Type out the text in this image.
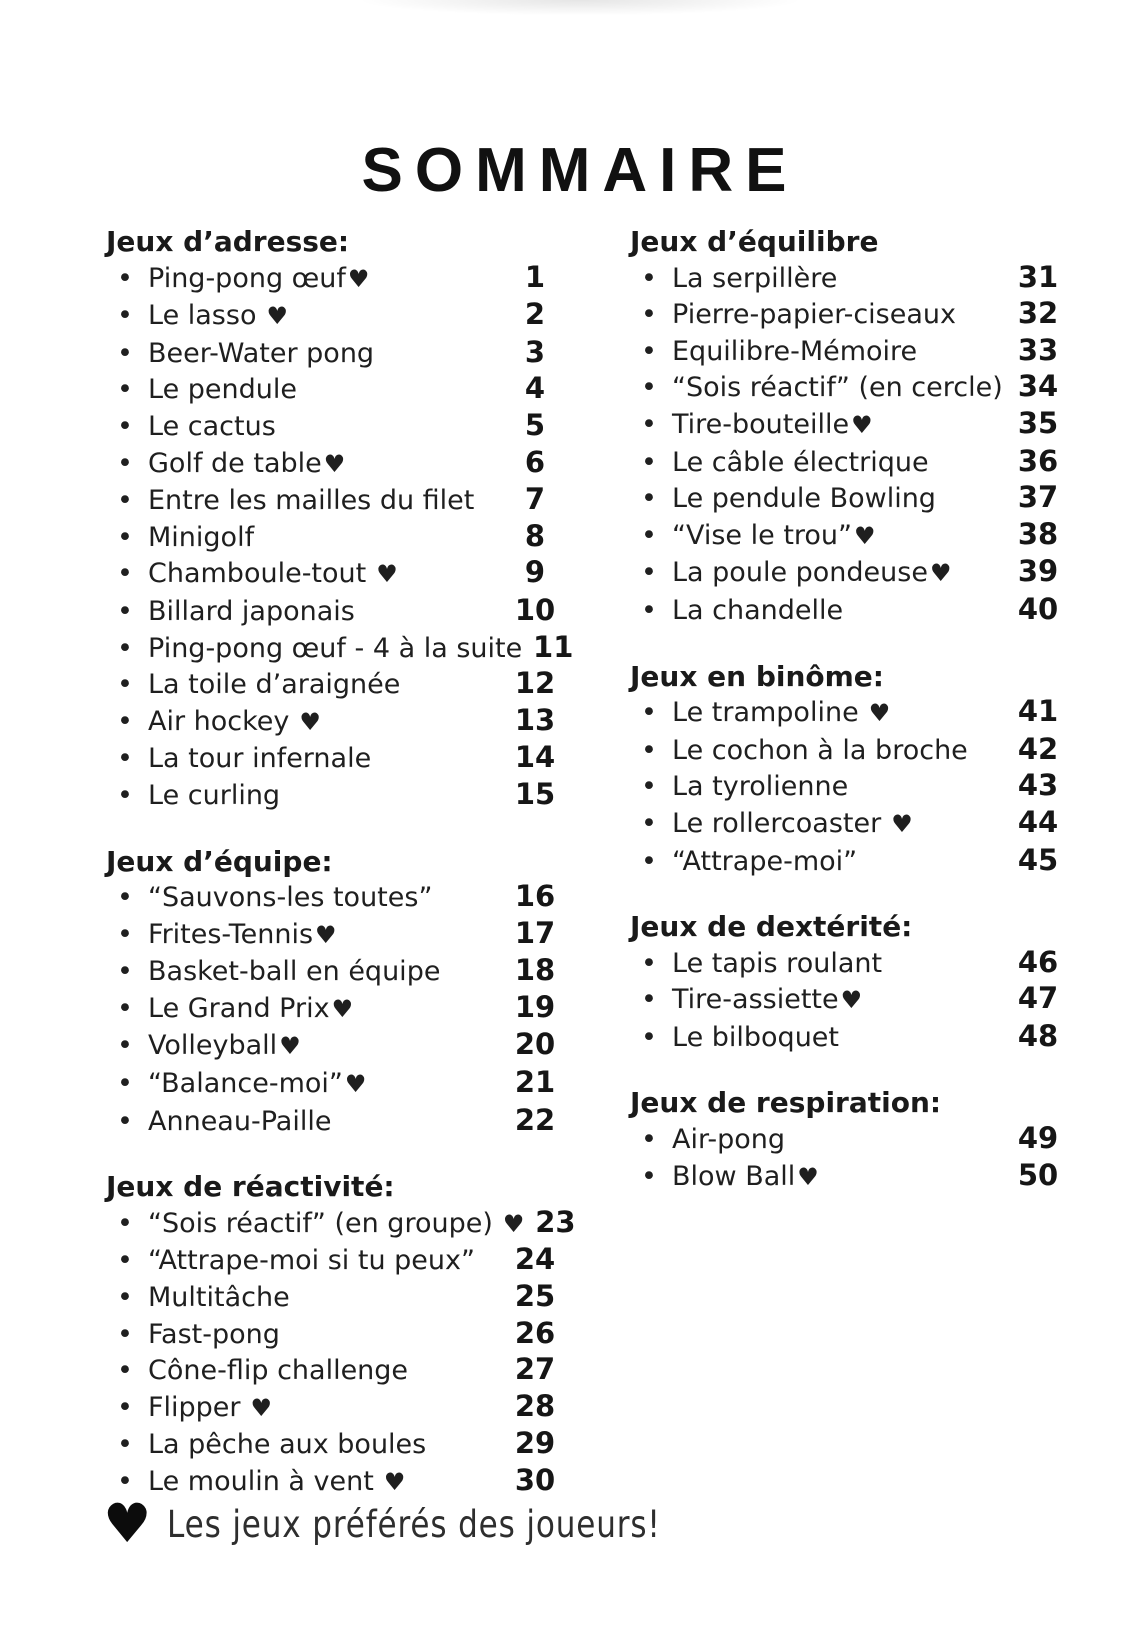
SOMMAIRE
Jeux d’adresse:
• Ping-pong œuf♥	1
• Le lasso ♥	2
• Beer-Water pong	3
• Le pendule	4
• Le cactus	5
• Golf de table♥	6
• Entre les mailles du filet	7
• Minigolf	8
• Chamboule-tout ♥	9
• Billard japonais	10
• Ping-pong œuf - 4 à la suite 11
• La toile d’araignée	12
• Air hockey ♥	13
• La tour infernale	14
• Le curling	15
Jeux d’équipe:
• “Sauvons-les toutes”	16
• Frites-Tennis♥	17
• Basket-ball en équipe	18
• Le Grand Prix♥	19
• Volleyball♥	20
• “Balance-moi”♥	21
• Anneau-Paille	22
Jeux de réactivité:
• “Sois réactif” (en groupe) ♥ 23
• “Attrape-moi si tu peux”	24
• Multitâche	25
• Fast-pong	26
• Cône-flip challenge	27
• Flipper ♥	28
• La pêche aux boules	29
• Le moulin à vent ♥	30
Jeux d’équilibre
• La serpillère	31
• Pierre-papier-ciseaux	32
• Equilibre-Mémoire	33
• “Sois réactif” (en cercle) 34
• Tire-bouteille♥	35
• Le câble électrique	36
• Le pendule Bowling	37
• “Vise le trou”♥	38
• La poule pondeuse♥	39
• La chandelle	40
Jeux en binôme:
• Le trampoline ♥	41
• Le cochon à la broche	42
• La tyrolienne	43
• Le rollercoaster ♥	44
• “Attrape-moi”	45
Jeux de dextérité:
• Le tapis roulant	46
• Tire-assiette♥	47
• Le bilboquet	48
Jeux de respiration:
• Air-pong	49
• Blow Ball♥	50
♥ Les jeux préférés des joueurs!
